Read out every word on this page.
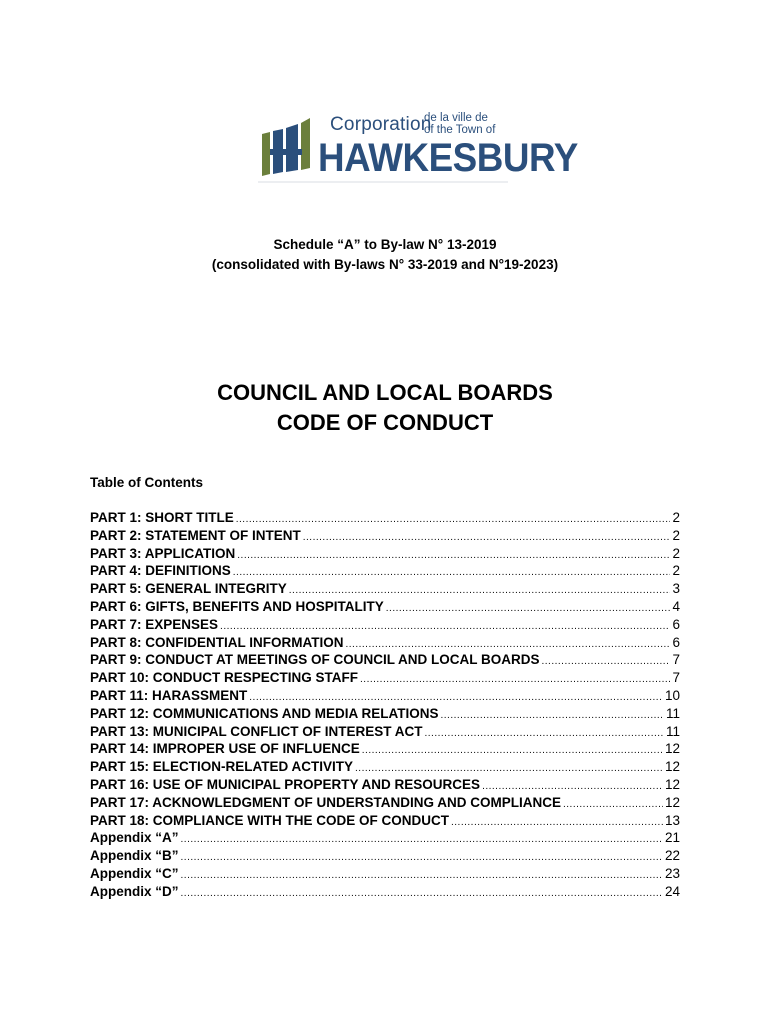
Corporation
de la ville de
of the Town of
HAWKESBURY
Schedule “A” to By-law N° 13-2019
(consolidated with By-laws N° 33-2019 and N°19-2023)
COUNCIL AND LOCAL BOARDS
CODE OF CONDUCT
Table of Contents
PART 1: SHORT TITLE .....	2
PART 2: STATEMENT OF INTENT .....	2
PART 3: APPLICATION .....	2
PART 4: DEFINITIONS .....	2
PART 5: GENERAL INTEGRITY .....	3
PART 6: GIFTS, BENEFITS AND HOSPITALITY .....	4
PART 7: EXPENSES .....	6
PART 8: CONFIDENTIAL INFORMATION .....	6
PART 9: CONDUCT AT MEETINGS OF COUNCIL AND LOCAL BOARDS .....	7
PART 10: CONDUCT RESPECTING STAFF .....	7
PART 11: HARASSMENT .....	10
PART 12: COMMUNICATIONS AND MEDIA RELATIONS .....	11
PART 13: MUNICIPAL CONFLICT OF INTEREST ACT .....	11
PART 14: IMPROPER USE OF INFLUENCE .....	12
PART 15: ELECTION-RELATED ACTIVITY .....	12
PART 16: USE OF MUNICIPAL PROPERTY AND RESOURCES .....	12
PART 17: ACKNOWLEDGMENT OF UNDERSTANDING AND COMPLIANCE .....	12
PART 18: COMPLIANCE WITH THE CODE OF CONDUCT .....	13
Appendix “A” .....	21
Appendix “B” .....	22
Appendix “C” .....	23
Appendix “D” .....	24
